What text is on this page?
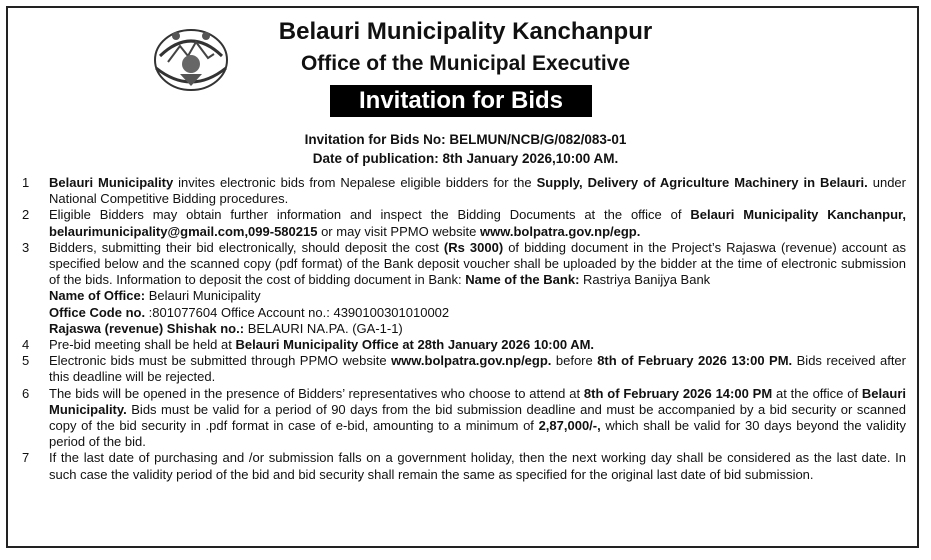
Belauri Municipality Kanchanpur
Office of the Municipal Executive
Invitation for Bids
Invitation for Bids No: BELMUN/NCB/G/082/083-01
Date of publication: 8th January 2026,10:00 AM.
1	Belauri Municipality invites electronic bids from Nepalese eligible bidders for the Supply, Delivery of Agriculture Machinery in Belauri. under National Competitive Bidding procedures.
2	Eligible Bidders may obtain further information and inspect the Bidding Documents at the office of Belauri Municipality Kanchanpur, belaurimunicipality@gmail.com,099-580215 or may visit PPMO website www.bolpatra.gov.np/egp.
3	Bidders, submitting their bid electronically, should deposit the cost (Rs 3000) of bidding document in the Project’s Rajaswa (revenue) account as specified below and the scanned copy (pdf format) of the Bank deposit voucher shall be uploaded by the bidder at the time of electronic submission of the bids. Information to deposit the cost of bidding document in Bank: Name of the Bank: Rastriya Banijya Bank
Name of Office: Belauri Municipality
Office Code no. :801077604 Office Account no.: 4390100301010002
Rajaswa (revenue) Shishak no.: BELAURI NA.PA. (GA-1-1)
4	Pre-bid meeting shall be held at Belauri Municipality Office at 28th January 2026 10:00 AM.
5	Electronic bids must be submitted through PPMO website www.bolpatra.gov.np/egp. before 8th of February 2026 13:00 PM. Bids received after this deadline will be rejected.
6	The bids will be opened in the presence of Bidders’ representatives who choose to attend at 8th of February 2026 14:00 PM at the office of Belauri Municipality. Bids must be valid for a period of 90 days from the bid submission deadline and must be accompanied by a bid security or scanned copy of the bid security in .pdf format in case of e-bid, amounting to a minimum of 2,87,000/-, which shall be valid for 30 days beyond the validity period of the bid.
7	If the last date of purchasing and /or submission falls on a government holiday, then the next working day shall be considered as the last date. In such case the validity period of the bid and bid security shall remain the same as specified for the original last date of bid submission.
